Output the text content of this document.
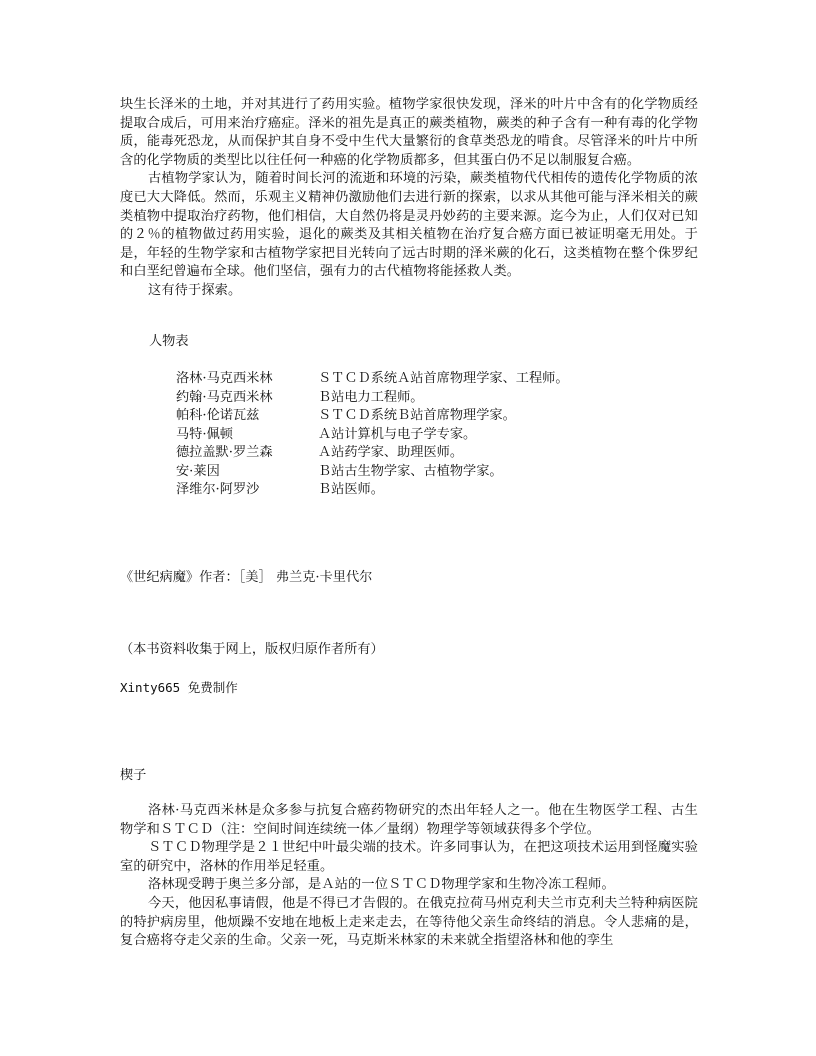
块生长泽米的土地，并对其进行了药用实验。植物学家很快发现，泽米的叶片中含有的化学物质经提取合成后，可用来治疗癌症。泽米的祖先是真正的蕨类植物，蕨类的种子含有一种有毒的化学物质，能毒死恐龙，从而保护其自身不受中生代大量繁衍的食草类恐龙的啃食。尽管泽米的叶片中所含的化学物质的类型比以往任何一种癌的化学物质都多，但其蛋白仍不足以制服复合癌。

古植物学家认为，随着时间长河的流逝和环境的污染，蕨类植物代代相传的遗传化学物质的浓度已大大降低。然而，乐观主义精神仍激励他们去进行新的探索，以求从其他可能与泽米相关的蕨类植物中提取治疗药物，他们相信，大自然仍将是灵丹妙药的主要来源。迄今为止，人们仅对已知的２％的植物做过药用实验，退化的蕨类及其相关植物在治疗复合癌方面已被证明毫无用处。于是，年轻的生物学家和古植物学家把目光转向了远古时期的泽米蕨的化石，这类植物在整个侏罗纪和白垩纪曾遍布全球。他们坚信，强有力的古代植物将能拯救人类。

这有待于探索。

人物表

洛林·马克西米林	ＳＴＣＤ系统Ａ站首席物理学家、工程师。
约翰·马克西米林	Ｂ站电力工程师。
帕科·伦诺瓦兹	ＳＴＣＤ系统Ｂ站首席物理学家。
马特·佩顿	Ａ站计算机与电子学专家。
德拉盖默·罗兰森	Ａ站药学家、助理医师。
安·莱因	Ｂ站古生物学家、古植物学家。
泽维尔·阿罗沙	Ｂ站医师。

《世纪病魔》作者：［美］ 弗兰克·卡里代尔

（本书资料收集于网上，版权归原作者所有）

Xinty665 免费制作

楔子

洛林·马克西米林是众多参与抗复合癌药物研究的杰出年轻人之一。他在生物医学工程、古生物学和ＳＴＣＤ（注：空间时间连续统一体／量纲）物理学等领域获得多个学位。

ＳＴＣＤ物理学是２１世纪中叶最尖端的技术。许多同事认为，在把这项技术运用到怪魔实验室的研究中，洛林的作用举足轻重。

洛林现受聘于奥兰多分部，是Ａ站的一位ＳＴＣＤ物理学家和生物冷冻工程师。

今天，他因私事请假，他是不得已才告假的。在俄克拉荷马州克利夫兰市克利夫兰特种病医院的特护病房里，他烦躁不安地在地板上走来走去，在等待他父亲生命终结的消息。令人悲痛的是，复合癌将夺走父亲的生命。父亲一死，马克斯米林家的未来就全指望洛林和他的孪生
